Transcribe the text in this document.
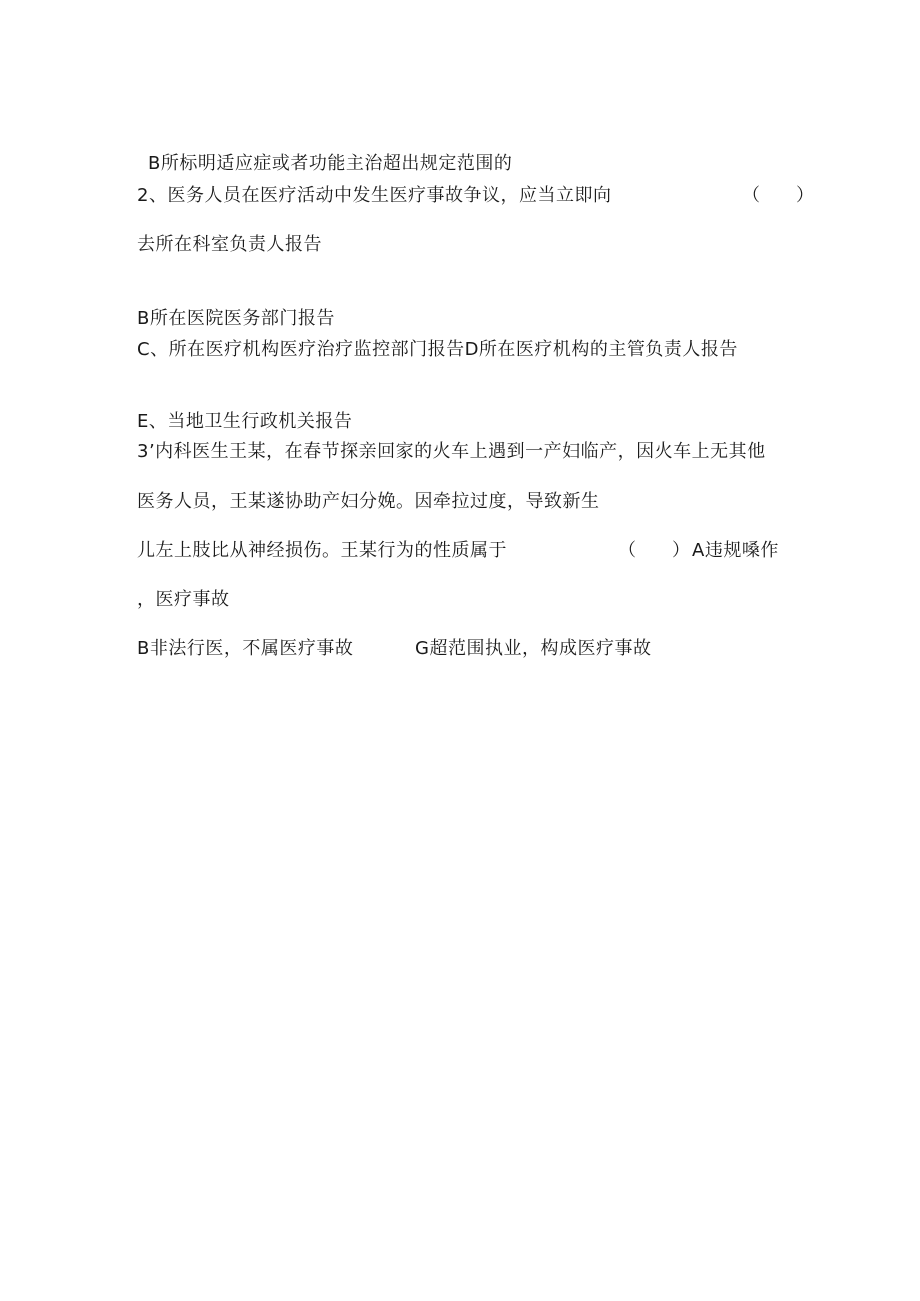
B所标明适应症或者功能主治超出规定范围的
2、医务人员在医疗活动中发生医疗事故争议，应当立即向	（　　）
去所在科室负责人报告
B所在医院医务部门报告
C、所在医疗机构医疗治疗监控部门报告D所在医疗机构的主管负责人报告
E、当地卫生行政机关报告
3’内科医生王某，在春节探亲回家的火车上遇到一产妇临产，因火车上无其他
医务人员，王某遂协助产妇分娩。因牵拉过度，导致新生
儿左上肢比从神经损伤。王某行为的性质属于	（　　） A违规嗓作
，医疗事故
B非法行医，不属医疗事故	G超范围执业，构成医疗事故
